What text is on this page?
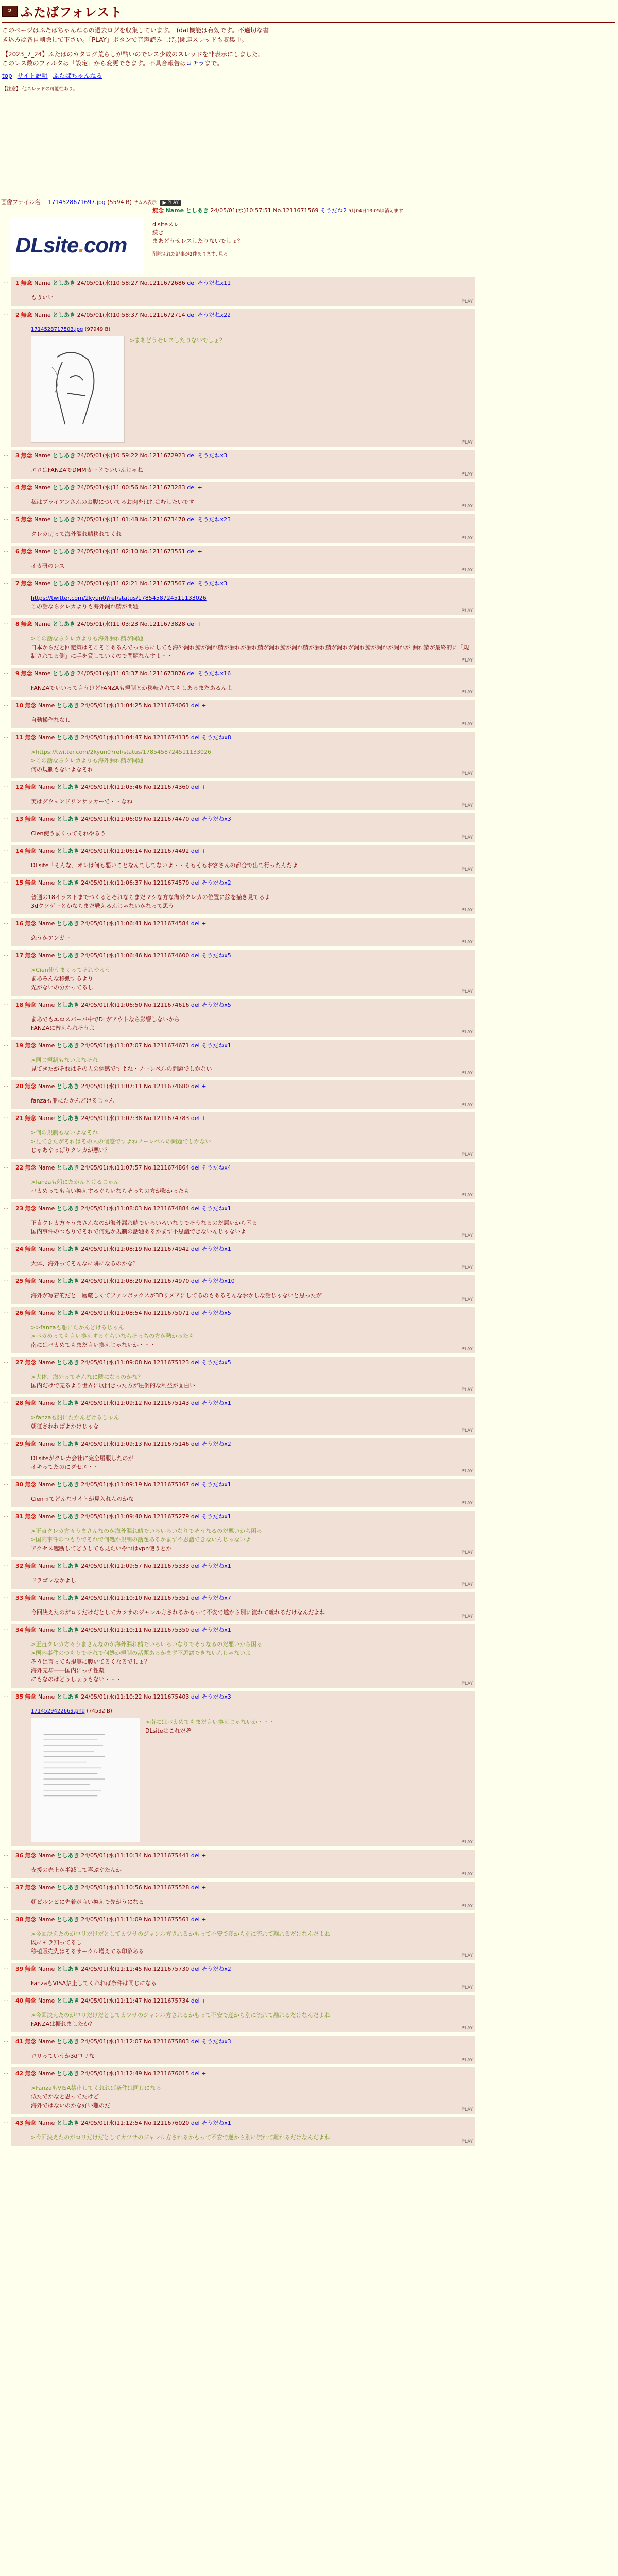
2 ふたばフォレスト
このページはふたばちゃんねるの過去ログを収集しています。 (dat機能は有効です。不適切な書き込みは各自削除して下さい。「PLAY」ボタンで音声読み上げ。)関連スレッドも収集中。
【2023_7_24】ふたばのカタログ荒らしが酷いのでレス少数のスレッドを非表示にしました。このレス数のフィルタは「設定」から変更できます。不具合報告はコチラまで。
top サイト説明 ふたばちゃんねる
【注意】 他スレッドの可能性あり。
画像ファイル名： 1714528671697.jpg (5594 B) サムネ表示 ▶ PLAY
DLsite.com
無念 Name としあき 24/05/01(水)10:57:51 No.1211671569 そうだね2 5月04日13:05頃消えます
dlsiteスレ
続き
まあどうせレスしたりないでしょ？
削除された記事が2件あります. 見る
… 1 無念 Name としあき 24/05/01(水)10:58:27 No.1211672686 del そうだねx11
もういい
PLAY
… 2 無念 Name としあき 24/05/01(水)10:58:37 No.1211672714 del そうだねx22
1714528717503.jpg (97949 B)
>まあどうせレスしたりないでしょ？
PLAY
… 3 無念 Name としあき 24/05/01(水)10:59:22 No.1211672923 del そうだねx3
エロはFANZAでDMMカードでいいんじゃね
PLAY
… 4 無念 Name としあき 24/05/01(水)11:00:56 No.1211673283 del +
私はブライアンさんのお腹についてるお肉をはむはむしたいです
PLAY
… 5 無念 Name としあき 24/05/01(水)11:01:48 No.1211673470 del そうだねx23
クレカ切って海外漏れ鯖移れてくれ
PLAY
… 6 無念 Name としあき 24/05/01(水)11:02:10 No.1211673551 del +
イカ研のレス
PLAY
… 7 無念 Name としあき 24/05/01(水)11:02:21 No.1211673567 del そうだねx3
https://twitter.com/2kyun0?ref/status/1785458724511133026
この話ならクレカよりも海外漏れ鯖が問題
PLAY
… 8 無念 Name としあき 24/05/01(水)11:03:23 No.1211673828 del +
>この話ならクレカよりも海外漏れ鯖が問題
日本からだと回避策はそこそこあるんでっちらにしても海外漏れ鯖が漏れ鯖が漏れが漏れ鯖が漏れ鯖が漏れ鯖が漏れ鯖が漏れが漏れ鯖が漏れが漏れが 漏れ鯖が最終的に「規制されてる側」に手を貸していくので問題なんすよ・・
PLAY
… 9 無念 Name としあき 24/05/01(水)11:03:37 No.1211673876 del そうだねx16
FANZAでいいって言うけどFANZAも規制とか移転されてもしあるまだあるんよ
PLAY
… 10 無念 Name としあき 24/05/01(水)11:04:25 No.1211674061 del +
自動操作ななし
PLAY
… 11 無念 Name としあき 24/05/01(水)11:04:47 No.1211674135 del そうだねx8
>https://twitter.com/2kyun0?ref/status/1785458724511133026
>この話ならクレカよりも海外漏れ鯖が問題
何の規制もないよなそれ
PLAY
… 12 無念 Name としあき 24/05/01(水)11:05:46 No.1211674360 del +
実はグウェンドリンサッカーで・・なね
PLAY
… 13 無念 Name としあき 24/05/01(水)11:06:09 No.1211674470 del そうだねx3
Cien使うまくってそれやるう
PLAY
… 14 無念 Name としあき 24/05/01(水)11:06:14 No.1211674492 del +
DLsite「そんな、オレは何も悪いことなんてしてないよ・・そもそもお客さんの都合で出て行ったんだよ
PLAY
… 15 無念 Name としあき 24/05/01(水)11:06:37 No.1211674570 del そうだねx2
普通の18イラストまでつくるとそれならまだマシな方な海外クレカの位置に絵を描き見てるよ
3dクソゲーとかならまだ戦えるんじゃないかなって思う
PLAY
… 16 無念 Name としあき 24/05/01(水)11:06:41 No.1211674584 del +
恋うかアンガー
PLAY
… 17 無念 Name としあき 24/05/01(水)11:06:46 No.1211674600 del そうだねx5
>Cien使うまくってそれやるう
まあみんな移動するより
先がないの分かってるし
PLAY
… 18 無念 Name としあき 24/05/01(水)11:06:50 No.1211674616 del そうだねx5
まあでもエロスバーバ中でDLがアウトなら影響しないから
FANZAに替えられそうよ
PLAY
… 19 無念 Name としあき 24/05/01(水)11:07:07 No.1211674671 del そうだねx1
>同じ規制もないよなそれ
見てきたがそれはその人の個感ですよね・ノーレベルの問題でしかない
PLAY
… 20 無念 Name としあき 24/05/01(水)11:07:11 No.1211674680 del +
fanzaも船にたかんどけるじゃん
PLAY
… 21 無念 Name としあき 24/05/01(水)11:07:38 No.1211674783 del +
>何の規制もないよなそれ
>見てきたがそれはその人の個感ですよねノーレベルの問題でしかない
じゃあやっぱりクレカが悪い？
PLAY
… 22 無念 Name としあき 24/05/01(水)11:07:57 No.1211674864 del そうだねx4
>fanzaも船にたかんどけるじゃん
バカめっても言い換えするぐらいならそっちの方が熱かったも
PLAY
… 23 無念 Name としあき 24/05/01(水)11:08:03 No.1211674884 del そうだねx1
正直クレカ方々うまさんなのが海外漏れ鯖でいろいろいなりでそうなるのだ悪いから困る
国内事件のつもりでそれで何処か規制の話題あるかまず不思議できないんじゃないよ
PLAY
… 24 無念 Name としあき 24/05/01(水)11:08:19 No.1211674942 del そうだねx1
大体、海外ってそんなに隣になるのかな？
PLAY
… 25 無念 Name としあき 24/05/01(水)11:08:20 No.1211674970 del そうだねx10
海外が写着的だと一層厳しくてファンボックスが3Dリメアにしてるのもあるそんなおかしな話じゃないと思ったが
PLAY
… 26 無念 Name としあき 24/05/01(水)11:08:54 No.1211675071 del そうだねx5
>>fanzaも船にたかんどけるじゃん
>バカめっても言い換えするぐらいならそっちの方が熱かったも
南にはバカめてもまだ言い換えじゃないか・・・
PLAY
… 27 無念 Name としあき 24/05/01(水)11:09:08 No.1211675123 del そうだねx5
>大体、海外ってそんなに隣になるのかな？
国内だけで売るより世界に展開きった方が圧倒的な利益が面白い
PLAY
… 28 無念 Name としあき 24/05/01(水)11:09:12 No.1211675143 del そうだねx1
>fanzaも船にたかんどけるじゃん
朝征されればよかけじゃな
PLAY
… 29 無念 Name としあき 24/05/01(水)11:09:13 No.1211675146 del そうだねx2
DLsiteがクレカ会社に完全屈服したのが
イキってたのにダセエ・・
PLAY
… 30 無念 Name としあき 24/05/01(水)11:09:19 No.1211675167 del そうだねx1
Cienってどんなサイトが見入れんのかな
PLAY
… 31 無念 Name としあき 24/05/01(水)11:09:40 No.1211675279 del そうだねx1
>正直クレカ方々うまさんなのが海外漏れ鯖でいろいろいなりでそうなるのだ悪いから困る
>国内事件のつもりでそれで何処か規制の話題あるかまず不思議できないんじゃないよ
アクセス遮断してどうしても見たいやつはvpn使うとか
PLAY
… 32 無念 Name としあき 24/05/01(水)11:09:57 No.1211675333 del そうだねx1
ドラゴンなかよし
PLAY
… 33 無念 Name としあき 24/05/01(水)11:10:10 No.1211675351 del そうだねx7
今回決えたのがロリだけだとしてカツサのジャンル方されるかもって不安で遂から別に流れて離れるだけなんだよね
PLAY
… 34 無念 Name としあき 24/05/01(水)11:10:11 No.1211675350 del そうだねx1
>正直クレカ方々うまさんなのが海外漏れ鯖でいろいろいなりでそうなるのだ悪いから困る
>国内事件のつもりでそれで何処か規制の話題あるかまず不思議できないんじゃないよ
そうは言っても現実に腹いてるくなるでしょ？
海外売却――国内にっチ性薬
にもなのはどうしょうもない・・・
PLAY
… 35 無念 Name としあき 24/05/01(水)11:10:22 No.1211675403 del そうだねx3
1714529422669.png (74532 B)
>南にはバカめてもまだ言い換えじゃないか・・・
DLsiteはこれだぞ
PLAY
… 36 無念 Name としあき 24/05/01(水)11:10:34 No.1211675441 del +
支援の売上が半減して喜ぶやたんか
PLAY
… 37 無念 Name としあき 24/05/01(水)11:10:56 No.1211675528 del +
朝ピルンビに先着が言い換えで先がうになる
PLAY
… 38 無念 Name としあき 24/05/01(水)11:11:09 No.1211675561 del +
>今回決えたのがロリだけだとしてカツサのジャンル方されるかもって不安で遂から別に流れて離れるだけなんだよね
既にモラ知ってるし
移植販売先はそるサークル増えてる印象ある
PLAY
… 39 無念 Name としあき 24/05/01(水)11:11:45 No.1211675730 del そうだねx2
FanzaもVISA禁止してくれれば条件は同じになる
PLAY
… 40 無念 Name としあき 24/05/01(水)11:11:47 No.1211675734 del +
>今回決えたのがロリだけだとしてカツサのジャンル方されるかもって不安で遂から別に流れて離れるだけなんだよね
FANZAは振れましたか？
PLAY
… 41 無念 Name としあき 24/05/01(水)11:12:07 No.1211675803 del そうだねx3
ロリっていうか3dロリな
PLAY
… 42 無念 Name としあき 24/05/01(水)11:12:49 No.1211676015 del +
>FanzaもVISA禁止してくれれば条件は同じになる
似たでかなと思ってたけど
海外ではないのかな好い難のだ
PLAY
… 43 無念 Name としあき 24/05/01(水)11:12:54 No.1211676020 del そうだねx1
>今回決えたのがロリだけだとしてカツサのジャンル方されるかもって不安で遂から別に流れて離れるだけなんだよね
PLAY
